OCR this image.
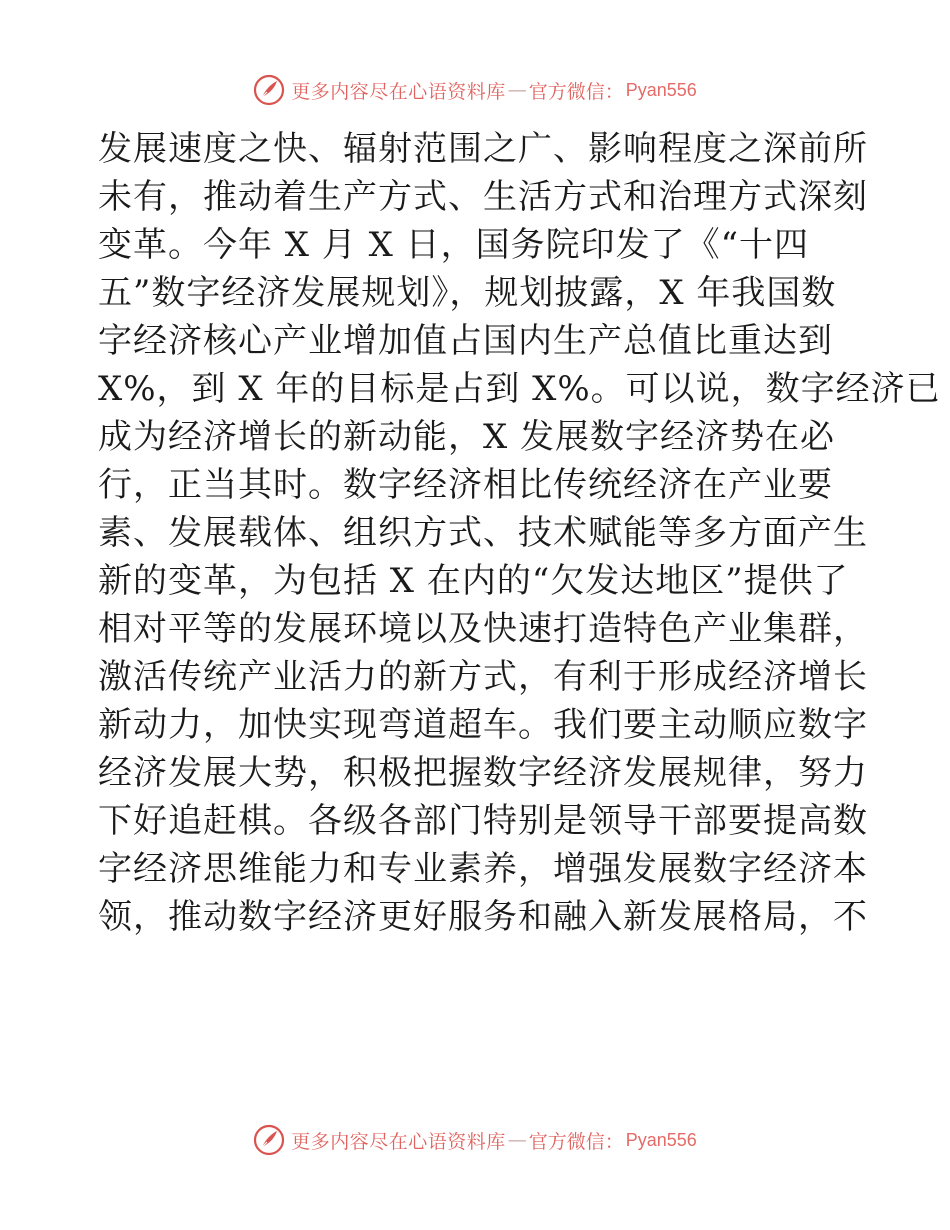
更多内容尽在心语资料库 — 官方微信： Pyan556
发展速度之快、辐射范围之广、影响程度之深前所
未有，推动着生产方式、生活方式和治理方式深刻
变革。今年 X 月 X 日，国务院印发了《“十四
五”数字经济发展规划》，规划披露，X 年我国数
字经济核心产业增加值占国内生产总值比重达到
X%，到 X 年的目标是占到 X%。可以说，数字经济已
成为经济增长的新动能，X 发展数字经济势在必
行，正当其时。数字经济相比传统经济在产业要
素、发展载体、组织方式、技术赋能等多方面产生
新的变革，为包括 X 在内的“欠发达地区”提供了
相对平等的发展环境以及快速打造特色产业集群，
激活传统产业活力的新方式，有利于形成经济增长
新动力，加快实现弯道超车。我们要主动顺应数字
经济发展大势，积极把握数字经济发展规律，努力
下好追赶棋。各级各部门特别是领导干部要提高数
字经济思维能力和专业素养，增强发展数字经济本
领，推动数字经济更好服务和融入新发展格局，不
更多内容尽在心语资料库 — 官方微信： Pyan556
